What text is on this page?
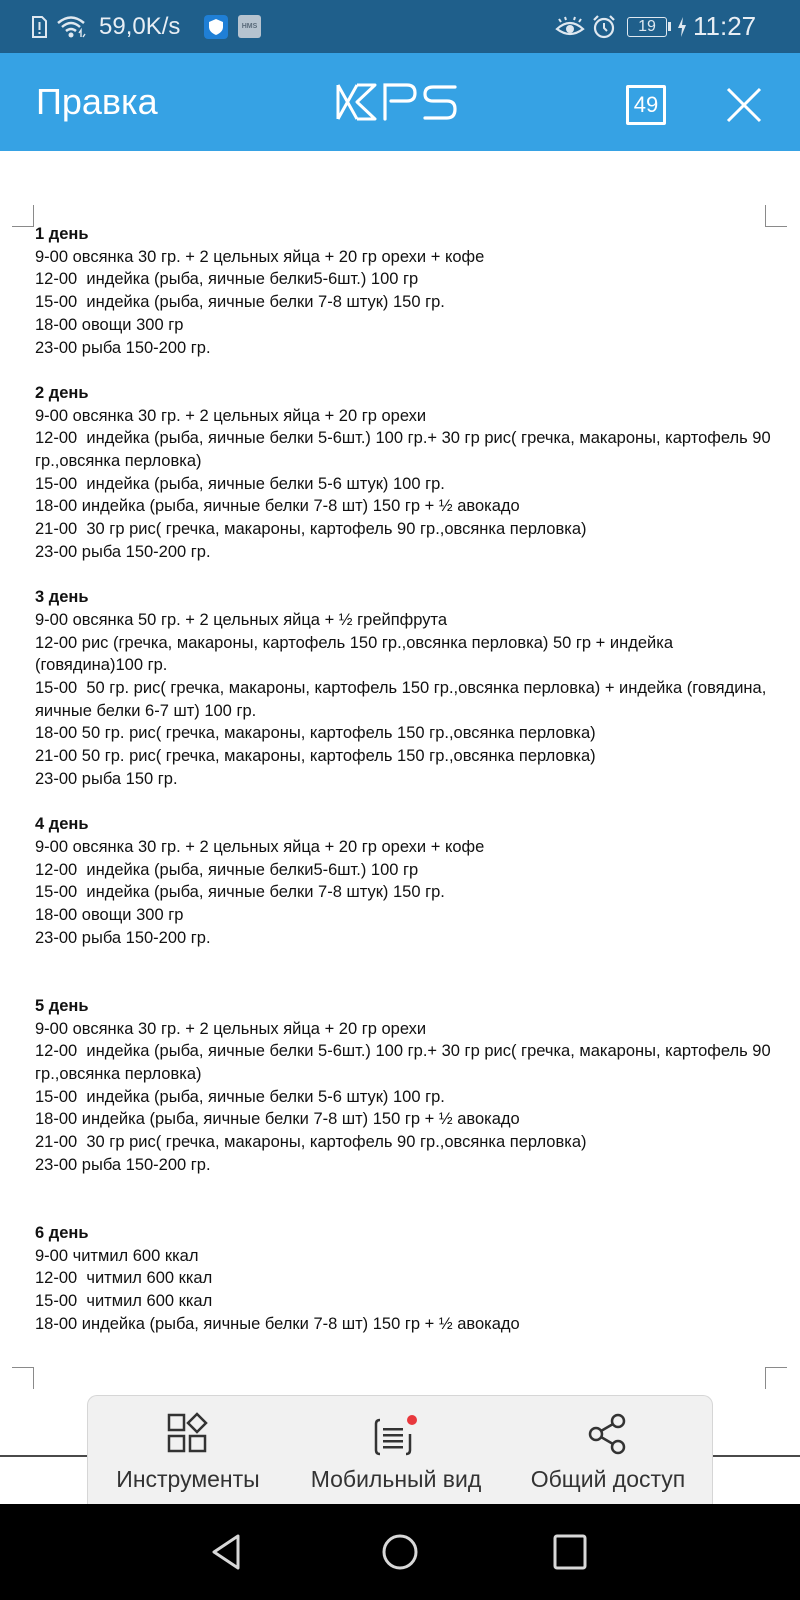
59,0K/s	HMS	19	11:27
Правка	49
1 день
9-00 овсянка 30 гр. + 2 цельных яйца + 20 гр орехи + кофе
12-00  индейка (рыба, яичные белки5-6шт.) 100 гр
15-00  индейка (рыба, яичные белки 7-8 штук) 150 гр.
18-00 овощи 300 гр
23-00 рыба 150-200 гр.
2 день
9-00 овсянка 30 гр. + 2 цельных яйца + 20 гр орехи
12-00  индейка (рыба, яичные белки 5-6шт.) 100 гр.+ 30 гр рис( гречка, макароны, картофель 90 гр.,овсянка перловка)
15-00  индейка (рыба, яичные белки 5-6 штук) 100 гр.
18-00 индейка (рыба, яичные белки 7-8 шт) 150 гр + ½ авокадо
21-00  30 гр рис( гречка, макароны, картофель 90 гр.,овсянка перловка)
23-00 рыба 150-200 гр.
3 день
9-00 овсянка 50 гр. + 2 цельных яйца + ½ грейпфрута
12-00 рис (гречка, макароны, картофель 150 гр.,овсянка перловка) 50 гр + индейка (говядина)100 гр.
15-00  50 гр. рис( гречка, макароны, картофель 150 гр.,овсянка перловка) + индейка (говядина, яичные белки 6-7 шт) 100 гр.
18-00 50 гр. рис( гречка, макароны, картофель 150 гр.,овсянка перловка)
21-00 50 гр. рис( гречка, макароны, картофель 150 гр.,овсянка перловка)
23-00 рыба 150 гр.
4 день
9-00 овсянка 30 гр. + 2 цельных яйца + 20 гр орехи + кофе
12-00  индейка (рыба, яичные белки5-6шт.) 100 гр
15-00  индейка (рыба, яичные белки 7-8 штук) 150 гр.
18-00 овощи 300 гр
23-00 рыба 150-200 гр.
5 день
9-00 овсянка 30 гр. + 2 цельных яйца + 20 гр орехи
12-00  индейка (рыба, яичные белки 5-6шт.) 100 гр.+ 30 гр рис( гречка, макароны, картофель 90 гр.,овсянка перловка)
15-00  индейка (рыба, яичные белки 5-6 штук) 100 гр.
18-00 индейка (рыба, яичные белки 7-8 шт) 150 гр + ½ авокадо
21-00  30 гр рис( гречка, макароны, картофель 90 гр.,овсянка перловка)
23-00 рыба 150-200 гр.
6 день
9-00 читмил 600 ккал
12-00  читмил 600 ккал
15-00  читмил 600 ккал
18-00 индейка (рыба, яичные белки 7-8 шт) 150 гр + ½ авокадо
Инструменты	Мобильный вид	Общий доступ
